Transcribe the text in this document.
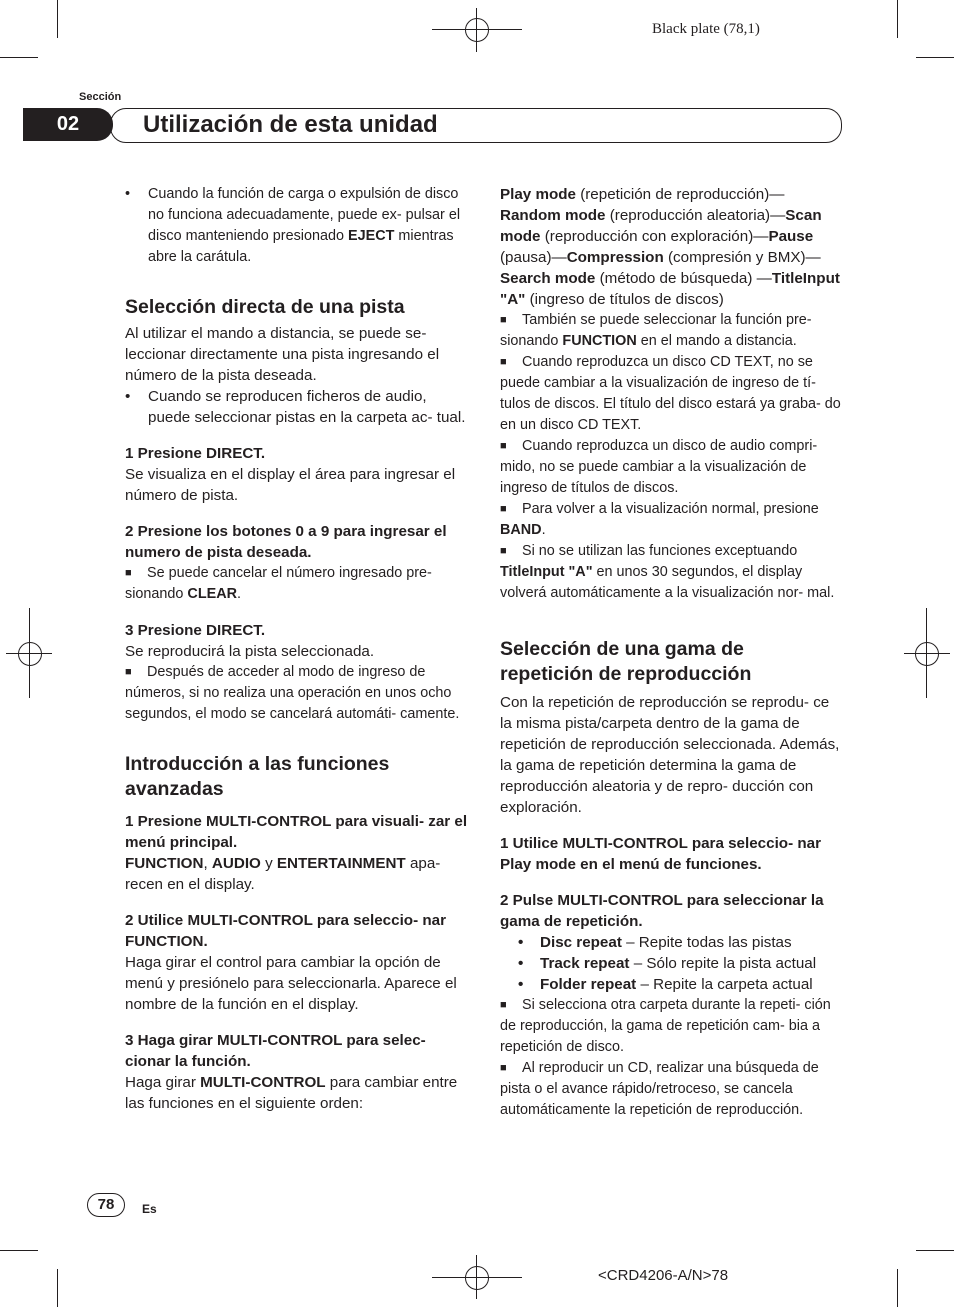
Black plate (78,1)
Sección
02	Utilización de esta unidad

• Cuando la función de carga o expulsión de disco no funciona adecuadamente, puede ex- pulsar el disco manteniendo presionado EJECT mientras abre la carátula.

Selección directa de una pista

Al utilizar el mando a distancia, se puede se- leccionar directamente una pista ingresando el número de la pista deseada.

• Cuando se reproducen ficheros de audio, puede seleccionar pistas en la carpeta ac- tual.

1 Presione DIRECT.

Se visualiza en el display el área para ingresar el número de pista.

2 Presione los botones 0 a 9 para ingresar el numero de pista deseada.

■ Se puede cancelar el número ingresado pre- sionando CLEAR.

3 Presione DIRECT.

Se reproducirá la pista seleccionada.

■ Después de acceder al modo de ingreso de números, si no realiza una operación en unos ocho segundos, el modo se cancelará automáti- camente.

Introducción a las funciones avanzadas

1 Presione MULTI-CONTROL para visuali- zar el menú principal.

FUNCTION, AUDIO y ENTERTAINMENT apa- recen en el display.

2 Utilice MULTI-CONTROL para seleccio- nar FUNCTION.

Haga girar el control para cambiar la opción de menú y presiónelo para seleccionarla. Aparece el nombre de la función en el display.

3 Haga girar MULTI-CONTROL para selec- cionar la función.

Haga girar MULTI-CONTROL para cambiar entre las funciones en el siguiente orden:

Play mode (repetición de reproducción)—Random mode (reproducción aleatoria)—Scan mode (reproducción con exploración)—Pause (pausa)—Compression (compresión y BMX)— Search mode (método de búsqueda) —TitleInput "A" (ingreso de títulos de discos)

■ También se puede seleccionar la función pre- sionando FUNCTION en el mando a distancia.

■ Cuando reproduzca un disco CD TEXT, no se puede cambiar a la visualización de ingreso de tí- tulos de discos. El título del disco estará ya graba- do en un disco CD TEXT.

■ Cuando reproduzca un disco de audio compri- mido, no se puede cambiar a la visualización de ingreso de títulos de discos.

■ Para volver a la visualización normal, presione BAND.

■ Si no se utilizan las funciones exceptuando TitleInput "A" en unos 30 segundos, el display volverá automáticamente a la visualización nor- mal.

Selección de una gama de repetición de reproducción

Con la repetición de reproducción se reprodu- ce la misma pista/carpeta dentro de la gama de repetición de reproducción seleccionada. Además, la gama de repetición determina la gama de reproducción aleatoria y de repro- ducción con exploración.

1 Utilice MULTI-CONTROL para seleccio- nar Play mode en el menú de funciones.

2 Pulse MULTI-CONTROL para seleccionar la gama de repetición.

• Disc repeat – Repite todas las pistas

• Track repeat – Sólo repite la pista actual

• Folder repeat – Repite la carpeta actual

■ Si selecciona otra carpeta durante la repeti- ción de reproducción, la gama de repetición cam- bia a repetición de disco.

■ Al reproducir un CD, realizar una búsqueda de pista o el avance rápido/retroceso, se cancela automáticamente la repetición de reproducción.

78	Es
<CRD4206-A/N>78
